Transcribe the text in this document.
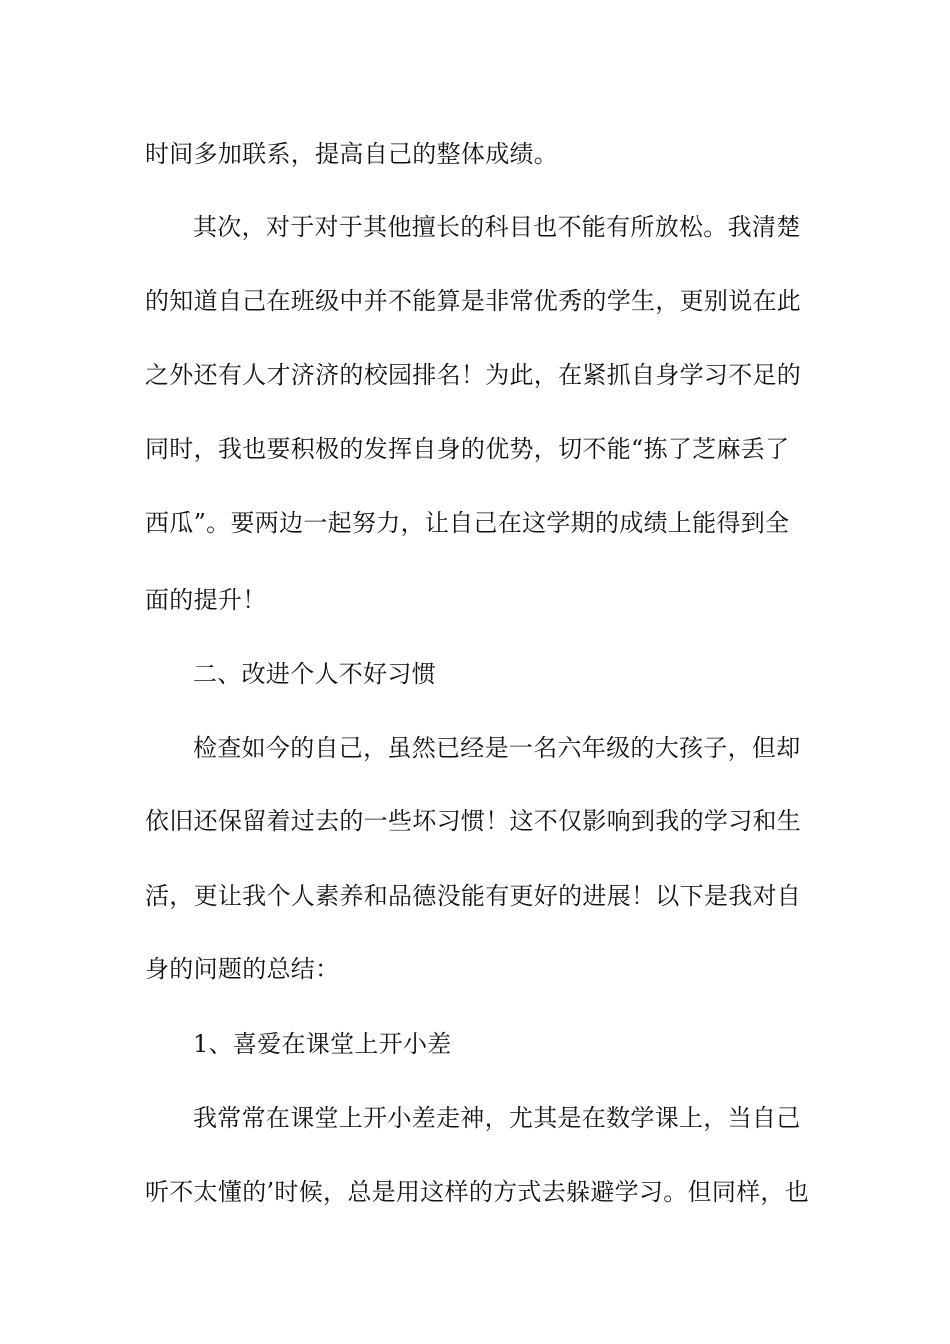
时间多加联系，提高自己的整体成绩。
其次，对于对于其他擅长的科目也不能有所放松。我清楚
的知道自己在班级中并不能算是非常优秀的学生，更别说在此
之外还有人才济济的校园排名！为此，在紧抓自身学习不足的
同时，我也要积极的发挥自身的优势，切不能“拣了芝麻丢了
西瓜”。要两边一起努力，让自己在这学期的成绩上能得到全
面的提升！
二、改进个人不好习惯
检查如今的自己，虽然已经是一名六年级的大孩子，但却
依旧还保留着过去的一些坏习惯！这不仅影响到我的学习和生
活，更让我个人素养和品德没能有更好的进展！以下是我对自
身的问题的总结：
1、喜爱在课堂上开小差
我常常在课堂上开小差走神，尤其是在数学课上，当自己
听不太懂的’时候，总是用这样的方式去躲避学习。但同样，也
